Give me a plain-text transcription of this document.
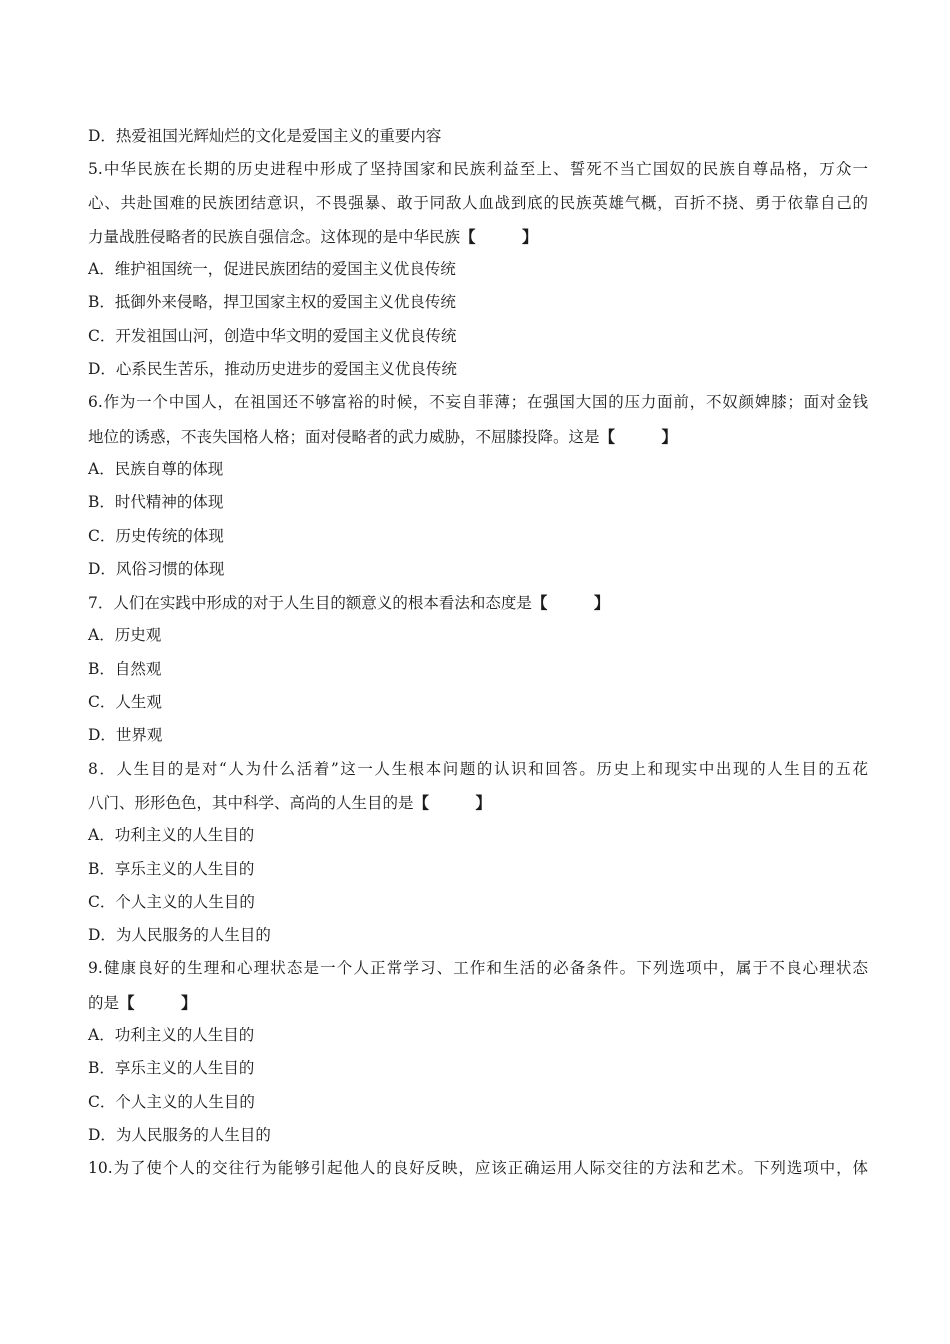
D．热爱祖国光辉灿烂的文化是爱国主义的重要内容
5.中华民族在长期的历史进程中形成了坚持国家和民族利益至上、誓死不当亡国奴的民族自尊品格，万众一
心、共赴国难的民族团结意识，不畏强暴、敢于同敌人血战到底的民族英雄气概，百折不挠、勇于依靠自己的
力量战胜侵略者的民族自强信念。这体现的是中华民族【　　　】
A．维护祖国统一，促进民族团结的爱国主义优良传统
B．抵御外来侵略，捍卫国家主权的爱国主义优良传统
C．开发祖国山河，创造中华文明的爱国主义优良传统
D．心系民生苦乐，推动历史进步的爱国主义优良传统
6.作为一个中国人，在祖国还不够富裕的时候，不妄自菲薄；在强国大国的压力面前，不奴颜婢膝；面对金钱
地位的诱惑，不丧失国格人格；面对侵略者的武力威胁，不屈膝投降。这是【　　　】
A．民族自尊的体现
B．时代精神的体现
C．历史传统的体现
D．风俗习惯的体现
7．人们在实践中形成的对于人生目的额意义的根本看法和态度是【　　　】
A．历史观
B．自然观
C．人生观
D．世界观
8．人生目的是对“人为什么活着”这一人生根本问题的认识和回答。历史上和现实中出现的人生目的五花
八门、形形色色，其中科学、高尚的人生目的是【　　　】
A．功利主义的人生目的
B．享乐主义的人生目的
C．个人主义的人生目的
D．为人民服务的人生目的
9.健康良好的生理和心理状态是一个人正常学习、工作和生活的必备条件。下列选项中，属于不良心理状态
的是【　　　】
A．功利主义的人生目的
B．享乐主义的人生目的
C．个人主义的人生目的
D．为人民服务的人生目的
10.为了使个人的交往行为能够引起他人的良好反映，应该正确运用人际交往的方法和艺术。下列选项中，体
